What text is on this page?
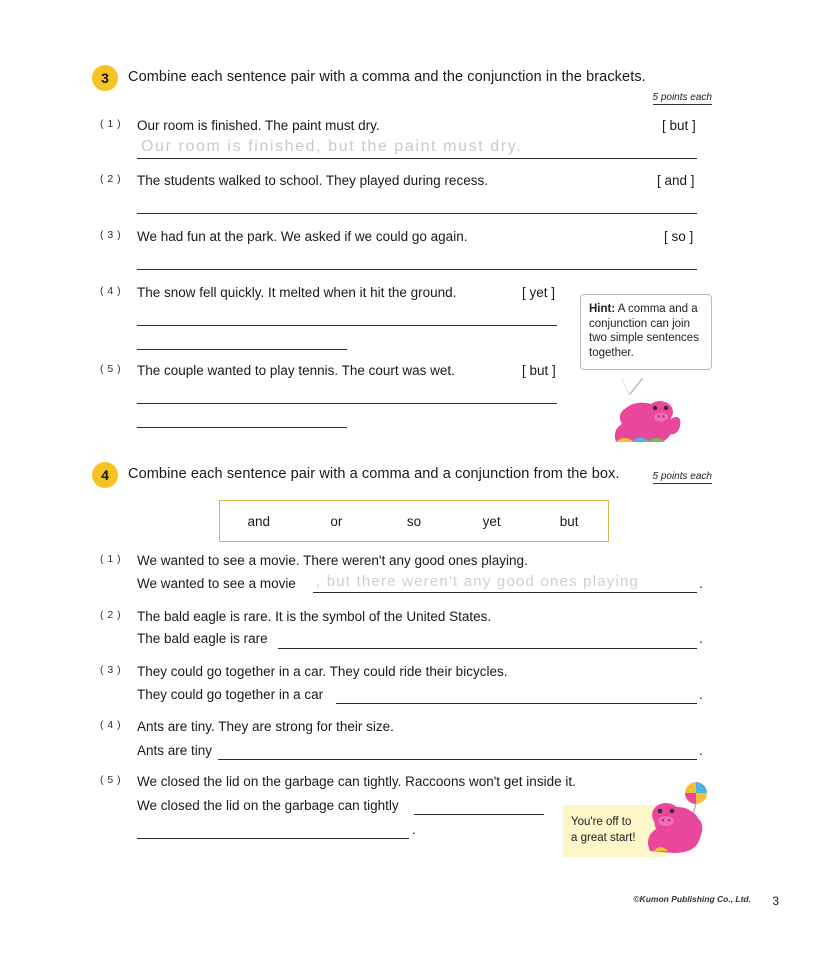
3	Combine each sentence pair with a comma and the conjunction in the brackets.
5 points each
( 1 )	Our room is finished. The paint must dry.	[ but ]
Our room is finished, but the paint must dry.
( 2 )	The students walked to school. They played during recess.	[ and ]
( 3 )	We had fun at the park. We asked if we could go again.	[ so ]
( 4 )	The snow fell quickly. It melted when it hit the ground.	[ yet ]
( 5 )	The couple wanted to play tennis. The court was wet.	[ but ]
Hint: A comma and a conjunction can join two simple sentences together.
4	Combine each sentence pair with a comma and a conjunction from the box.	5 points each
and	or	so	yet	but
( 1 )	We wanted to see a movie. There weren't any good ones playing.
We wanted to see a movie , but there weren't any good ones playing	.
( 2 )	The bald eagle is rare. It is the symbol of the United States.
The bald eagle is rare	.
( 3 )	They could go together in a car. They could ride their bicycles.
They could go together in a car	.
( 4 )	Ants are tiny. They are strong for their size.
Ants are tiny	.
( 5 )	We closed the lid on the garbage can tightly. Raccoons won't get inside it.
We closed the lid on the garbage can tightly
.	You're off to
a great start!
©Kumon Publishing Co., Ltd. 3
